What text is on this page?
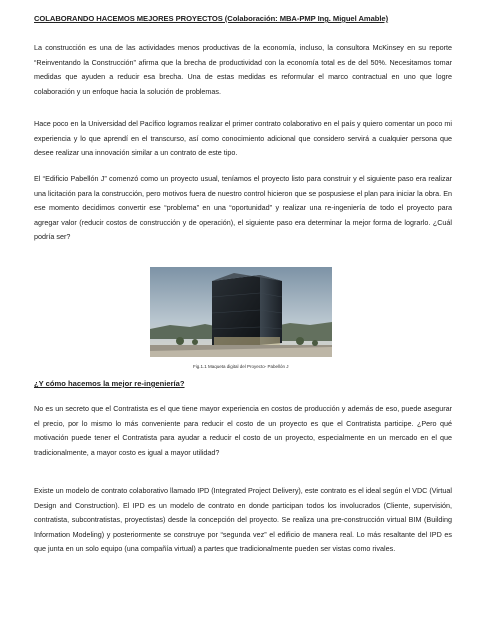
COLABORANDO HACEMOS MEJORES PROYECTOS (Colaboración: MBA-PMP Ing. Miguel Amable)

La construcción es una de las actividades menos productivas de la economía, incluso, la consultora McKinsey en su reporte “Reinventando la Construcción” afirma que la brecha de productividad con la economía total es de del 50%. Necesitamos tomar medidas que ayuden a reducir esa brecha. Una de estas medidas es reformular el marco contractual en uno que logre colaboración y un enfoque hacia la solución de problemas.

Hace poco en la Universidad del Pacífico logramos realizar el primer contrato colaborativo en el país y quiero comentar un poco mi experiencia y lo que aprendí en el transcurso, así como conocimiento adicional que considero servirá a cualquier persona que desee realizar una innovación similar a un contrato de este tipo.

El “Edificio Pabellón J” comenzó como un proyecto usual, teníamos el proyecto listo para construir y el siguiente paso era realizar una licitación para la construcción, pero motivos fuera de nuestro control hicieron que se pospusiese el plan para iniciar la obra. En ese momento decidimos convertir ese “problema” en una “oportunidad” y realizar una re-ingeniería de todo el proyecto para agregar valor (reducir costos de construcción y de operación), el siguiente paso era determinar la mejor forma de lograrlo. ¿Cuál podría ser?

Fig.1.1 Maqueta digital del Proyecto- Pabellón J
¿Y cómo hacemos la mejor re-ingeniería?

No es un secreto que el Contratista es el que tiene mayor experiencia en costos de producción y además de eso, puede asegurar el precio, por lo mismo lo más conveniente para reducir el costo de un proyecto es que el Contratista participe. ¿Pero qué motivación puede tener el Contratista para ayudar a reducir el costo de un proyecto, especialmente en un mercado en el que tradicionalmente, a mayor costo es igual a mayor utilidad?

Existe un modelo de contrato colaborativo llamado IPD (Integrated Project Delivery), este contrato es el ideal según el VDC (Virtual Design and Construction). El IPD es un modelo de contrato en donde participan todos los involucrados (Cliente, supervisión, contratista, subcontratistas, proyectistas) desde la concepción del proyecto. Se realiza una pre-construcción virtual BIM (Building Information Modeling) y posteriormente se construye por “segunda vez” el edificio de manera real. Lo más resaltante del IPD es que junta en un solo equipo (una compañía virtual) a partes que tradicionalmente pueden ser vistas como rivales.
